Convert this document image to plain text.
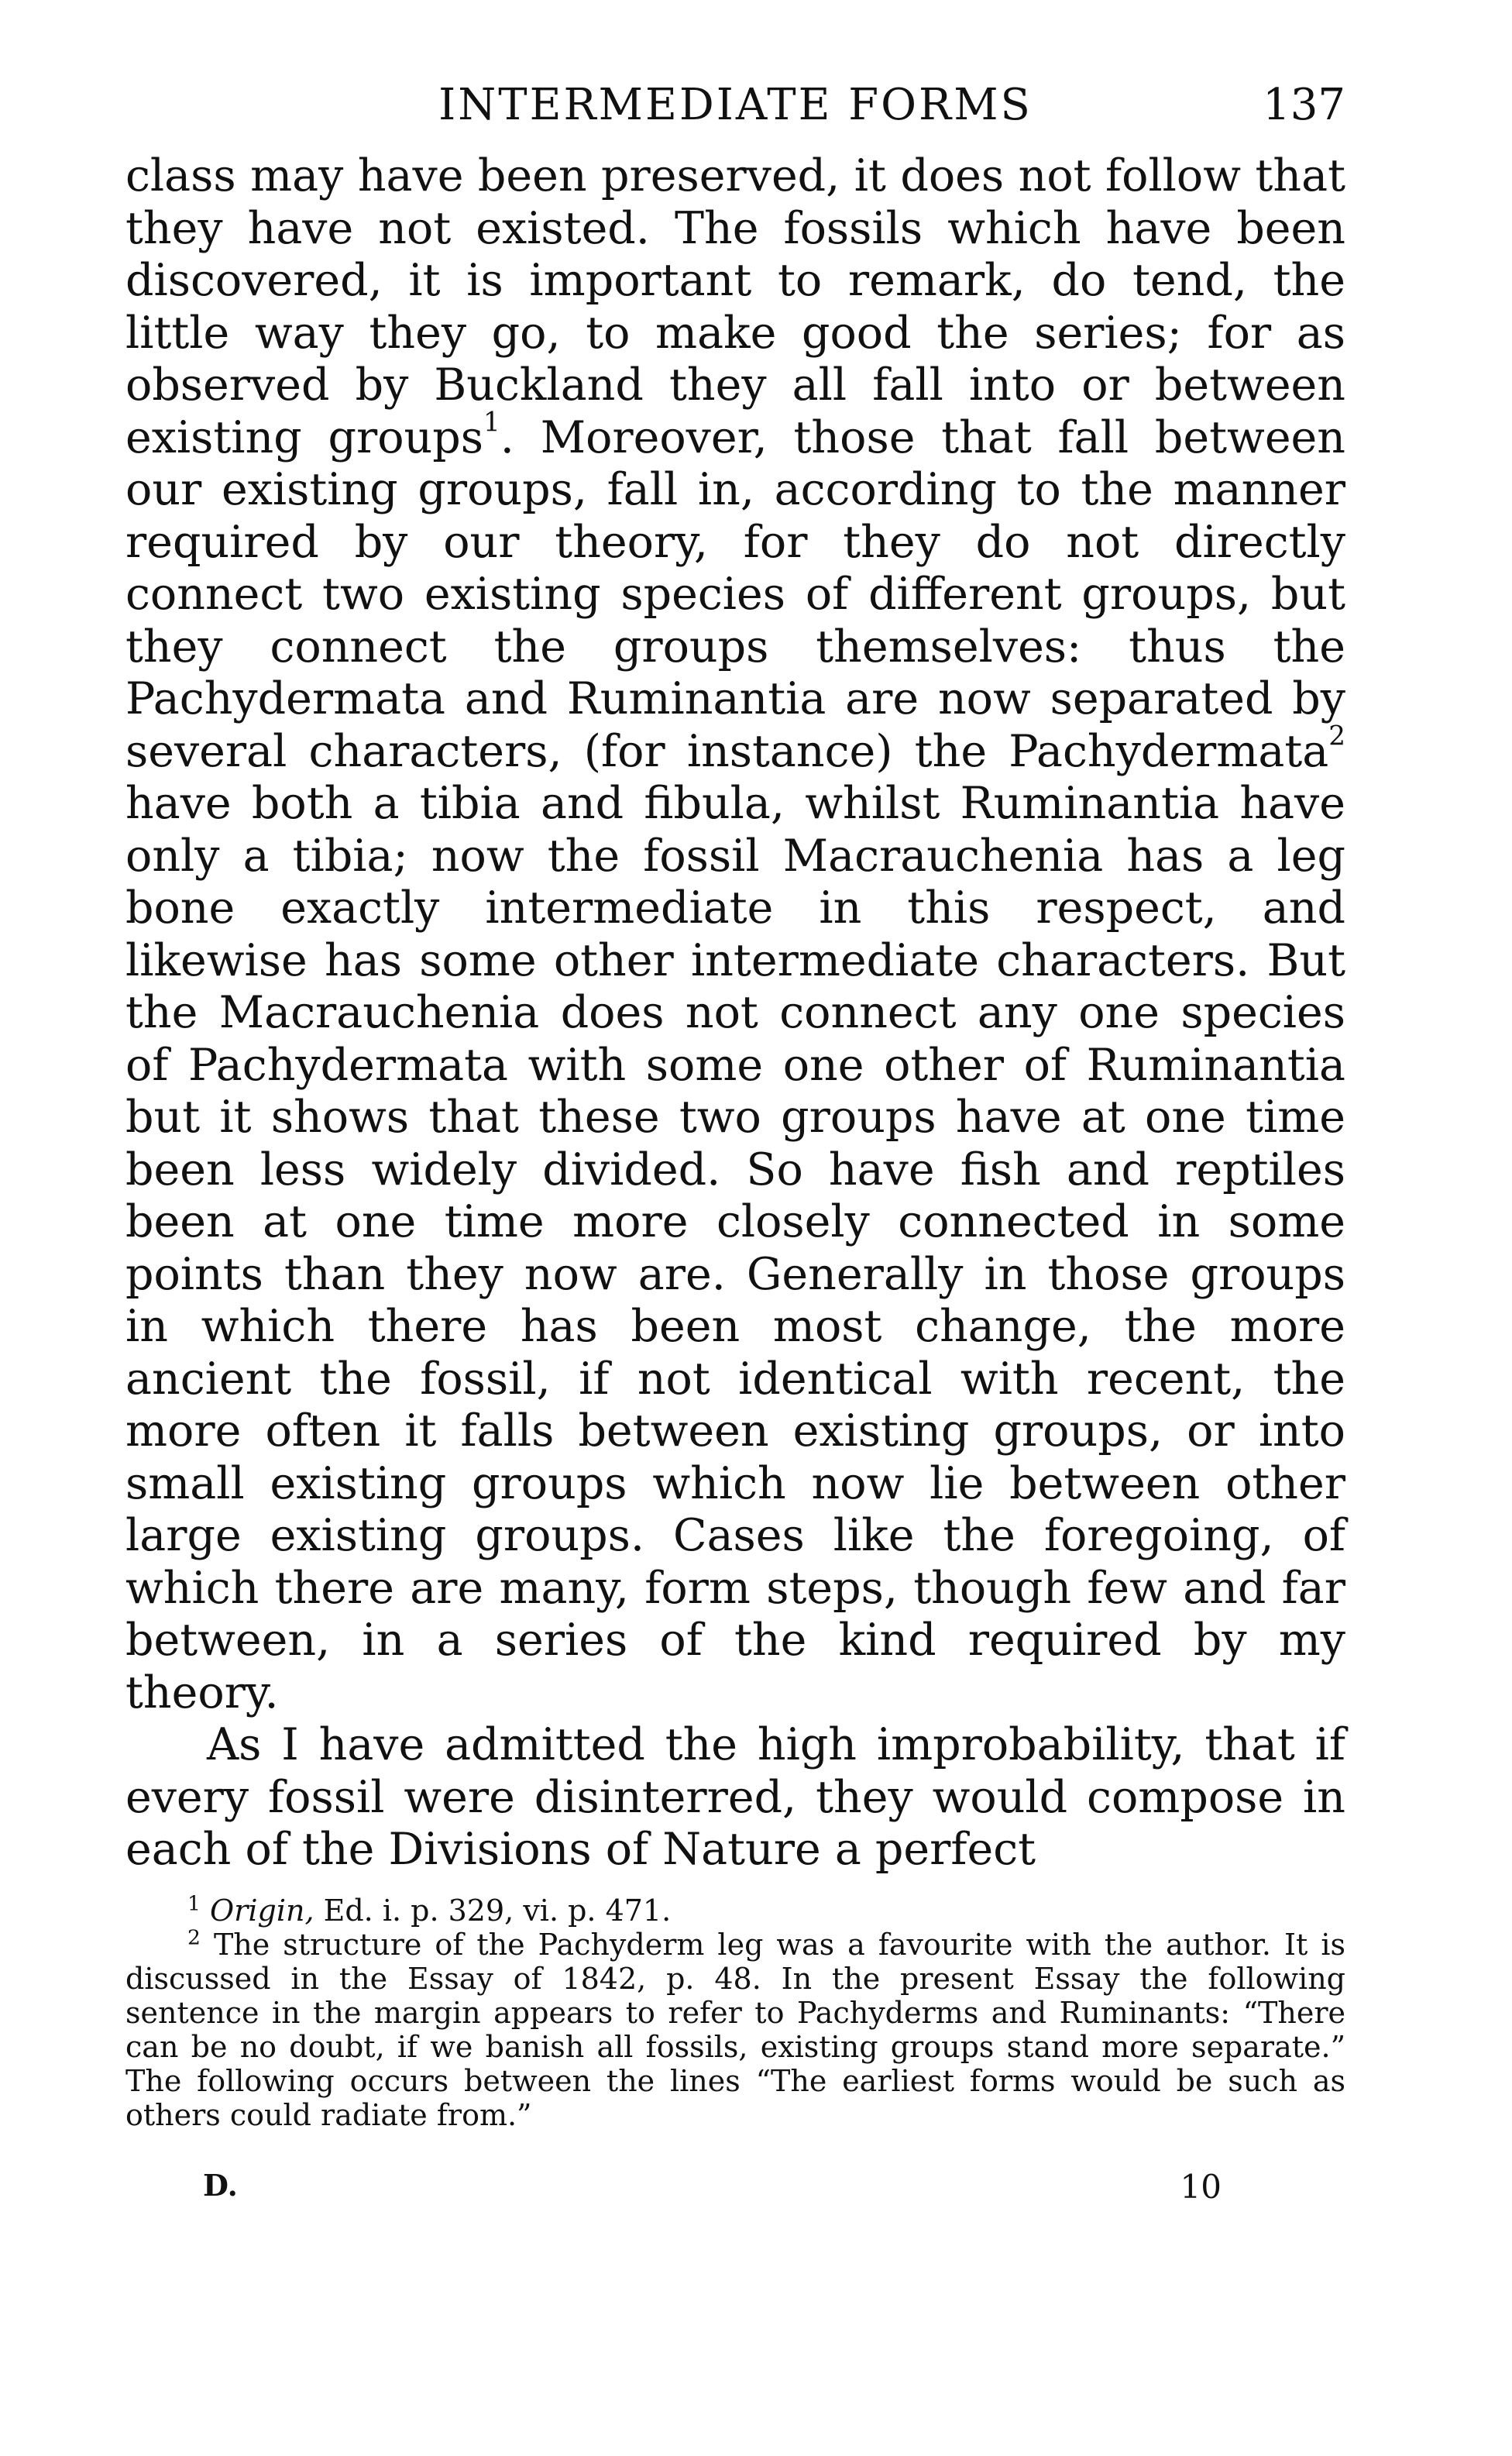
INTERMEDIATE FORMS	137

class may have been preserved, it does not follow that they have not existed. The fossils which have been discovered, it is important to remark, do tend, the little way they go, to make good the series; for as observed by Buckland they all fall into or between existing groups$^1$. Moreover, those that fall between our existing groups, fall in, according to the manner required by our theory, for they do not directly connect two existing species of different groups, but they connect the groups themselves: thus the Pachydermata and Ruminantia are now separated by several characters, (for instance) the Pachydermata$^2$ have both a tibia and fibula, whilst Ruminantia have only a tibia; now the fossil Macrauchenia has a leg bone exactly intermediate in this respect, and likewise has some other intermediate characters. But the Macrauchenia does not connect any one species of Pachydermata with some one other of Ruminantia but it shows that these two groups have at one time been less widely divided. So have fish and reptiles been at one time more closely connected in some points than they now are. Generally in those groups in which there has been most change, the more ancient the fossil, if not identical with recent, the more often it falls between existing groups, or into small existing groups which now lie between other large existing groups. Cases like the foregoing, of which there are many, form steps, though few and far between, in a series of the kind required by my theory.

As I have admitted the high improbability, that if every fossil were disinterred, they would compose in each of the Divisions of Nature a perfect

$^1$ Origin, Ed. i. p. 329, vi. p. 471.

$^2$ The structure of the Pachyderm leg was a favourite with the author. It is discussed in the Essay of 1842, p. 48. In the present Essay the following sentence in the margin appears to refer to Pachyderms and Ruminants: “There can be no doubt, if we banish all fossils, existing groups stand more separate.” The following occurs between the lines “The earliest forms would be such as others could radiate from.”

D.	10
